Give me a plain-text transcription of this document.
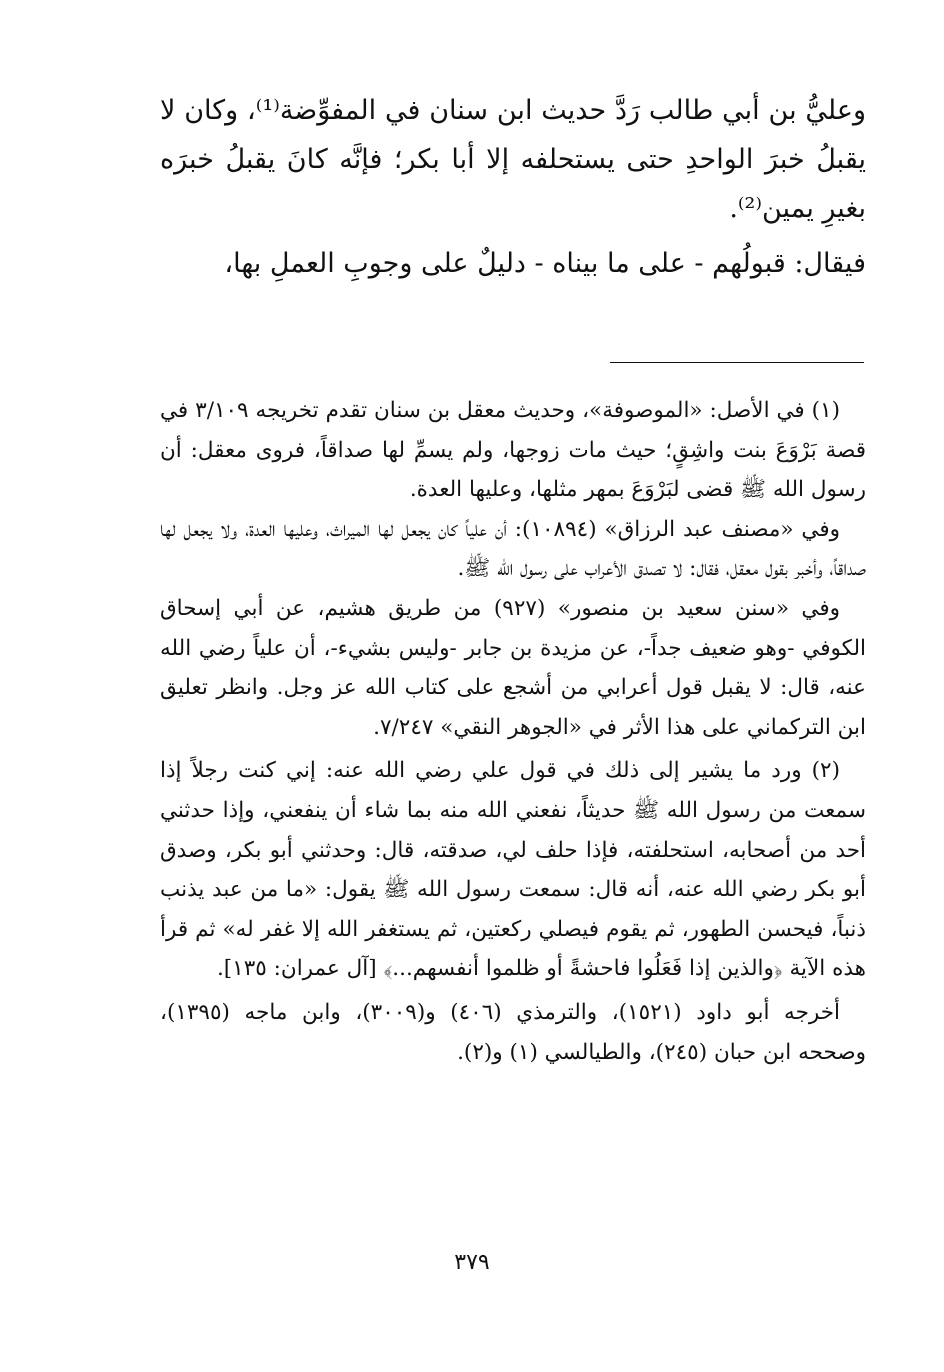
وعليُّ بن أبي طالب رَدَّ حديث ابن سنان في المفوِّضة⁽¹⁾، وكان لا يقبلُ خبرَ الواحدِ حتى يستحلفه إلا أبا بكر؛ فإنَّه كانَ يقبلُ خبرَه بغيرِ يمين⁽²⁾.

فيقال: قبولُهم - على ما بيناه - دليلٌ على وجوبِ العملِ بها،

(١) في الأصل: «الموصوفة»، وحديث معقل بن سنان تقدم تخريجه ٣/١٠٩ في قصة بَرْوَعَ بنت واشِقٍ؛ حيث مات زوجها، ولم يسمِّ لها صداقاً، فروى معقل: أن رسول الله ﷺ قضى لبَرْوَعَ بمهر مثلها، وعليها العدة.

وفي «مصنف عبد الرزاق» (١٠٨٩٤): أن علياً كان يجعل لها الميراث، وعليها العدة، ولا يجعل لها صداقاً، وأخبر بقول معقل، فقال: لا تصدق الأعراب على رسول الله ﷺ.

وفي «سنن سعيد بن منصور» (٩٢٧) من طريق هشيم، عن أبي إسحاق الكوفي -وهو ضعيف جداً-، عن مزيدة بن جابر -وليس بشيء-، أن علياً رضي الله عنه، قال: لا يقبل قول أعرابي من أشجع على كتاب الله عز وجل. وانظر تعليق ابن التركماني على هذا الأثر في «الجوهر النقي» ٧/٢٤٧.

(٢) ورد ما يشير إلى ذلك في قول علي رضي الله عنه: إني كنت رجلاً إذا سمعت من رسول الله ﷺ حديثاً، نفعني الله منه بما شاء أن ينفعني، وإذا حدثني أحد من أصحابه، استحلفته، فإذا حلف لي، صدقته، قال: وحدثني أبو بكر، وصدق أبو بكر رضي الله عنه، أنه قال: سمعت رسول الله ﷺ يقول: «ما من عبد يذنب ذنباً، فيحسن الطهور، ثم يقوم فيصلي ركعتين، ثم يستغفر الله إلا غفر له» ثم قرأ هذه الآية ﴿والذين إذا فَعَلُوا فاحشةً أو ظلموا أنفسهم...﴾ [آل عمران: ١٣٥].

أخرجه أبو داود (١٥٢١)، والترمذي (٤٠٦) و(٣٠٠٩)، وابن ماجه (١٣٩٥)، وصححه ابن حبان (٢٤٥)، والطيالسي (١) و(٢).

٣٧٩
